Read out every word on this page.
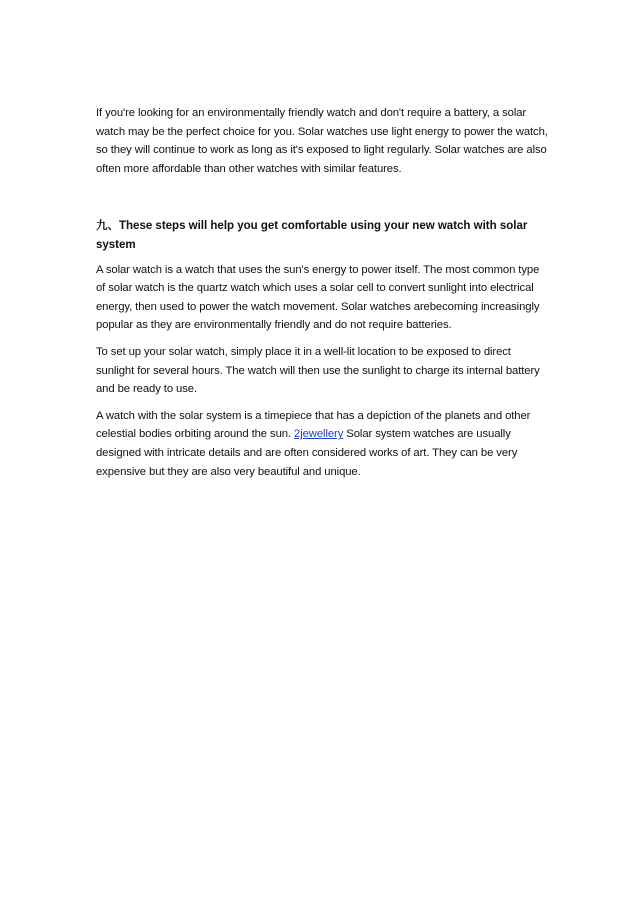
If you're looking for an environmentally friendly watch and don't require a battery, a solar watch may be the perfect choice for you. Solar watches use light energy to power the watch, so they will continue to work as long as it's exposed to light regularly. Solar watches are also often more affordable than other watches with similar features.

九、These steps will help you get comfortable using your new watch with solar system

A solar watch is a watch that uses the sun's energy to power itself. The most common type of solar watch is the quartz watch which uses a solar cell to convert sunlight into electrical energy, then used to power the watch movement. Solar watches arebecoming increasingly popular as they are environmentally friendly and do not require batteries.

To set up your solar watch, simply place it in a well-lit location to be exposed to direct sunlight for several hours. The watch will then use the sunlight to charge its internal battery and be ready to use.

A watch with the solar system is a timepiece that has a depiction of the planets and other celestial bodies orbiting around the sun. 2jewellery Solar system watches are usually designed with intricate details and are often considered works of art. They can be very expensive but they are also very beautiful and unique.
